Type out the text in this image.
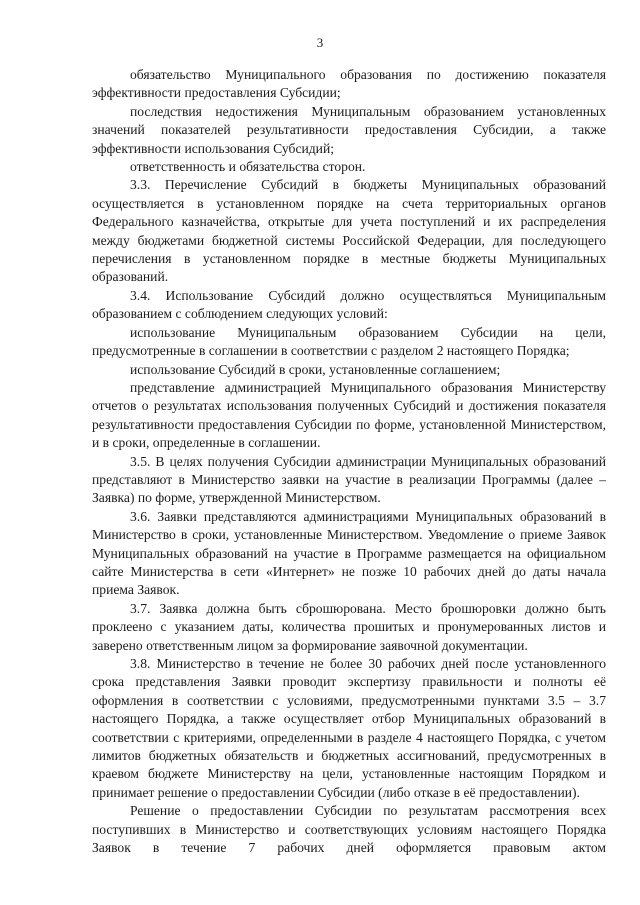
3

обязательство Муниципального образования по достижению показателя эффективности предоставления Субсидии;

последствия недостижения Муниципальным образованием установленных значений показателей результативности предоставления Субсидии, а также эффективности использования Субсидий;

ответственность и обязательства сторон.

3.3. Перечисление Субсидий в бюджеты Муниципальных образований осуществляется в установленном порядке на счета территориальных органов Федерального казначейства, открытые для учета поступлений и их распределения между бюджетами бюджетной системы Российской Федерации, для последующего перечисления в установленном порядке в местные бюджеты Муниципальных образований.

3.4. Использование Субсидий должно осуществляться Муниципальным образованием с соблюдением следующих условий:

использование Муниципальным образованием Субсидии на цели, предусмотренные в соглашении в соответствии с разделом 2 настоящего Порядка;

использование Субсидий в сроки, установленные соглашением;

представление администрацией Муниципального образования Министерству отчетов о результатах использования полученных Субсидий и достижения показателя результативности предоставления Субсидии по форме, установленной Министерством, и в сроки, определенные в соглашении.

3.5. В целях получения Субсидии администрации Муниципальных образований представляют в Министерство заявки на участие в реализации Программы (далее – Заявка) по форме, утвержденной Министерством.

3.6. Заявки представляются администрациями Муниципальных образований в Министерство в сроки, установленные Министерством. Уведомление о приеме Заявок Муниципальных образований на участие в Программе размещается на официальном сайте Министерства в сети «Интернет» не позже 10 рабочих дней до даты начала приема Заявок.

3.7. Заявка должна быть сброшюрована. Место брошюровки должно быть проклеено с указанием даты, количества прошитых и пронумерованных листов и заверено ответственным лицом за формирование заявочной документации.

3.8. Министерство в течение не более 30 рабочих дней после установленного срока представления Заявки проводит экспертизу правильности и полноты её оформления в соответствии с условиями, предусмотренными пунктами 3.5 – 3.7 настоящего Порядка, а также осуществляет отбор Муниципальных образований в соответствии с критериями, определенными в разделе 4 настоящего Порядка, с учетом лимитов бюджетных обязательств и бюджетных ассигнований, предусмотренных в краевом бюджете Министерству на цели, установленные настоящим Порядком и принимает решение о предоставлении Субсидии (либо отказе в её предоставлении).

Решение о предоставлении Субсидии по результатам рассмотрения всех поступивших в Министерство и соответствующих условиям настоящего Порядка Заявок в течение 7 рабочих дней оформляется правовым актом
